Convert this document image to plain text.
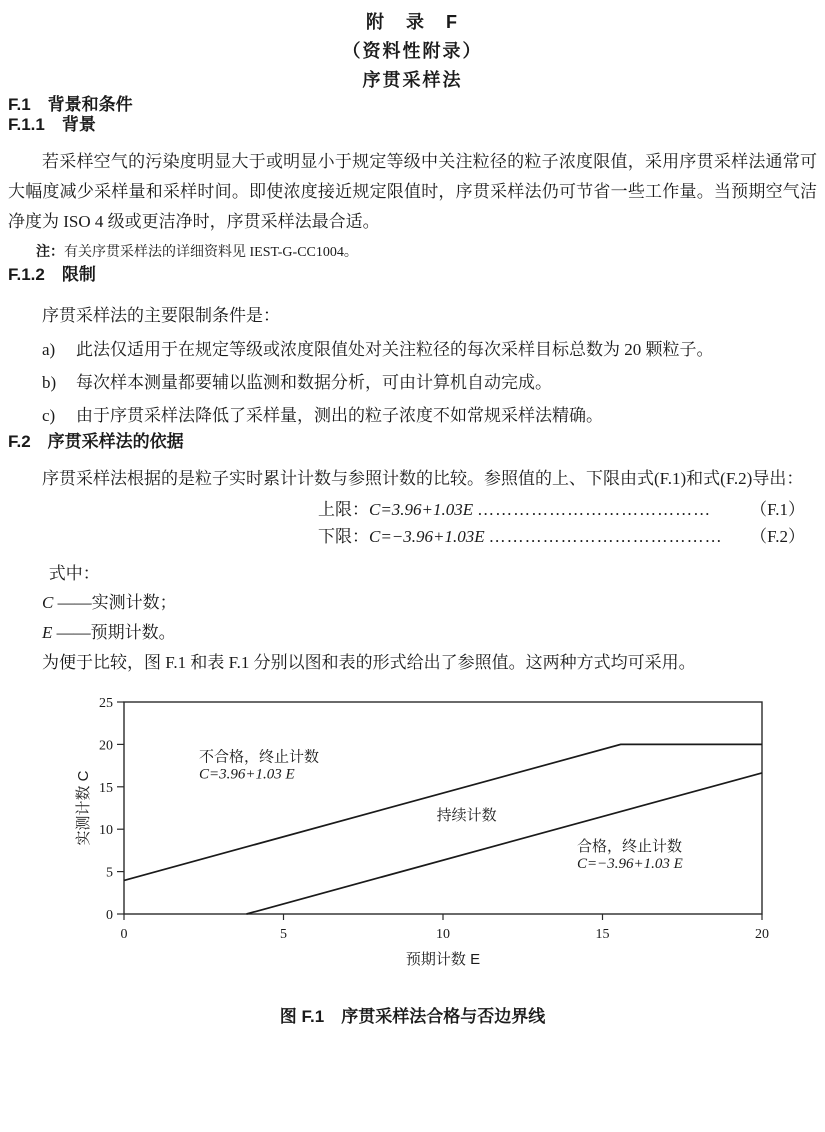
附　录　F
（资料性附录）
序贯采样法
F.1　背景和条件
F.1.1　背景

若采样空气的污染度明显大于或明显小于规定等级中关注粒径的粒子浓度限值，采用序贯采样法通常可大幅度减少采样量和采样时间。即使浓度接近规定限值时，序贯采样法仍可节省一些工作量。当预期空气洁净度为 ISO 4 级或更洁净时，序贯采样法最合适。

注：有关序贯采样法的详细资料见 IEST-G-CC1004。

F.1.2　限制

序贯采样法的主要限制条件是：

a) 此法仅适用于在规定等级或浓度限值处对关注粒径的每次采样目标总数为 20 颗粒子。
b) 每次样本测量都要辅以监测和数据分析，可由计算机自动完成。
c) 由于序贯采样法降低了采样量，测出的粒子浓度不如常规采样法精确。
F.2　序贯采样法的依据

序贯采样法根据的是粒子实时累计计数与参照计数的比较。参照值的上、下限由式(F.1)和式(F.2)导出：

上限： C=3.96+1.03E …………………………………	（F.1）
下限： C=−3.96+1.03E …………………………………	（F.2）

式中：

C ——实测计数；

E ——预期计数。

为便于比较，图 F.1 和表 F.1 分别以图和表的形式给出了参照值。这两种方式均可采用。

0	5	10	15	20
0
5
10
15
20
25
不合格，终止计数
C=3.96+1.03 E
持续计数
合格，终止计数
C=−3.96+1.03 E
预期计数 E
实测计数 C

图 F.1　序贯采样法合格与否边界线
